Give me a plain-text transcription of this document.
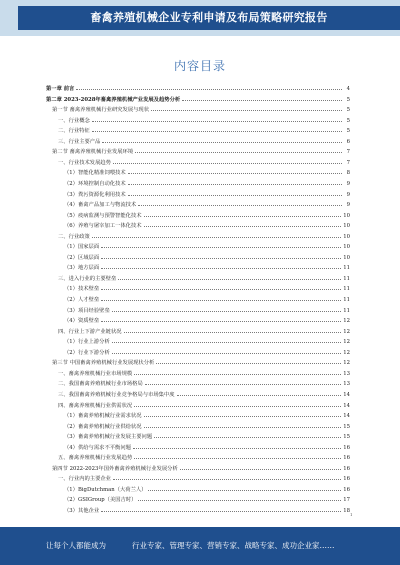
畜禽养殖机械企业专利申请及布局策略研究报告
内容目录
第一章 前言	4
第二章 2023-2028年畜禽养殖机械产业发展及趋势分析	5
第一节 畜禽养殖机械行业研究发展与现状	5
一、行业概念	5
二、行业特征	5
三、行业主要产品	6
第二节 畜禽养殖机械行业发展环境	7
一、行业技术发展趋势	7
（1）智能化精准饲喂技术	8
（2）环境控制自动化技术	9
（3）粪污资源化利用技术	9
（4）畜禽产品加工与物流技术	9
（5）疫病监测与预警智能化技术	10
（6）养殖与屠宰加工一体化技术	10
二、行业政策	10
（1）国家层面	10
（2）区域层面	10
（3）地方层面	11
三、进入行业的主要壁垒	11
（1）技术壁垒	11
（2）人才壁垒	11
（3）项目经验壁垒	11
（4）资质壁垒	12
四、行业上下游产业链状况	12
（1）行业上游分析	12
（2）行业下游分析	12
第三节 中国畜禽养殖机械行业发展现状分析	12
一、畜禽养殖机械行业市场规模	13
二、我国畜禽养殖机械行业市场格局	13
三、我国畜禽养殖机械行业竞争格局与市场集中度	14
四、畜禽养殖机械行业供需状况	14
（1）畜禽养殖机械行业需求状况	14
（2）畜禽养殖机械行业供给状况	15
（3）畜禽养殖机械行业发展主要问题	15
（4）供给与需求不平衡问题	16
五、畜禽养殖机械行业发展趋势	16
第四节 2022-2023年国外畜禽养殖机械行业发展分析	16
一、行业内的主要企业	16
（1）BigDutchman（大荷兰人）	16
（2）GSIGroup（美国吉时）	17
（3）其他企业	18
1
让每个人都能成为	行业专家、管理专家、营销专家、战略专家、成功企业家……
